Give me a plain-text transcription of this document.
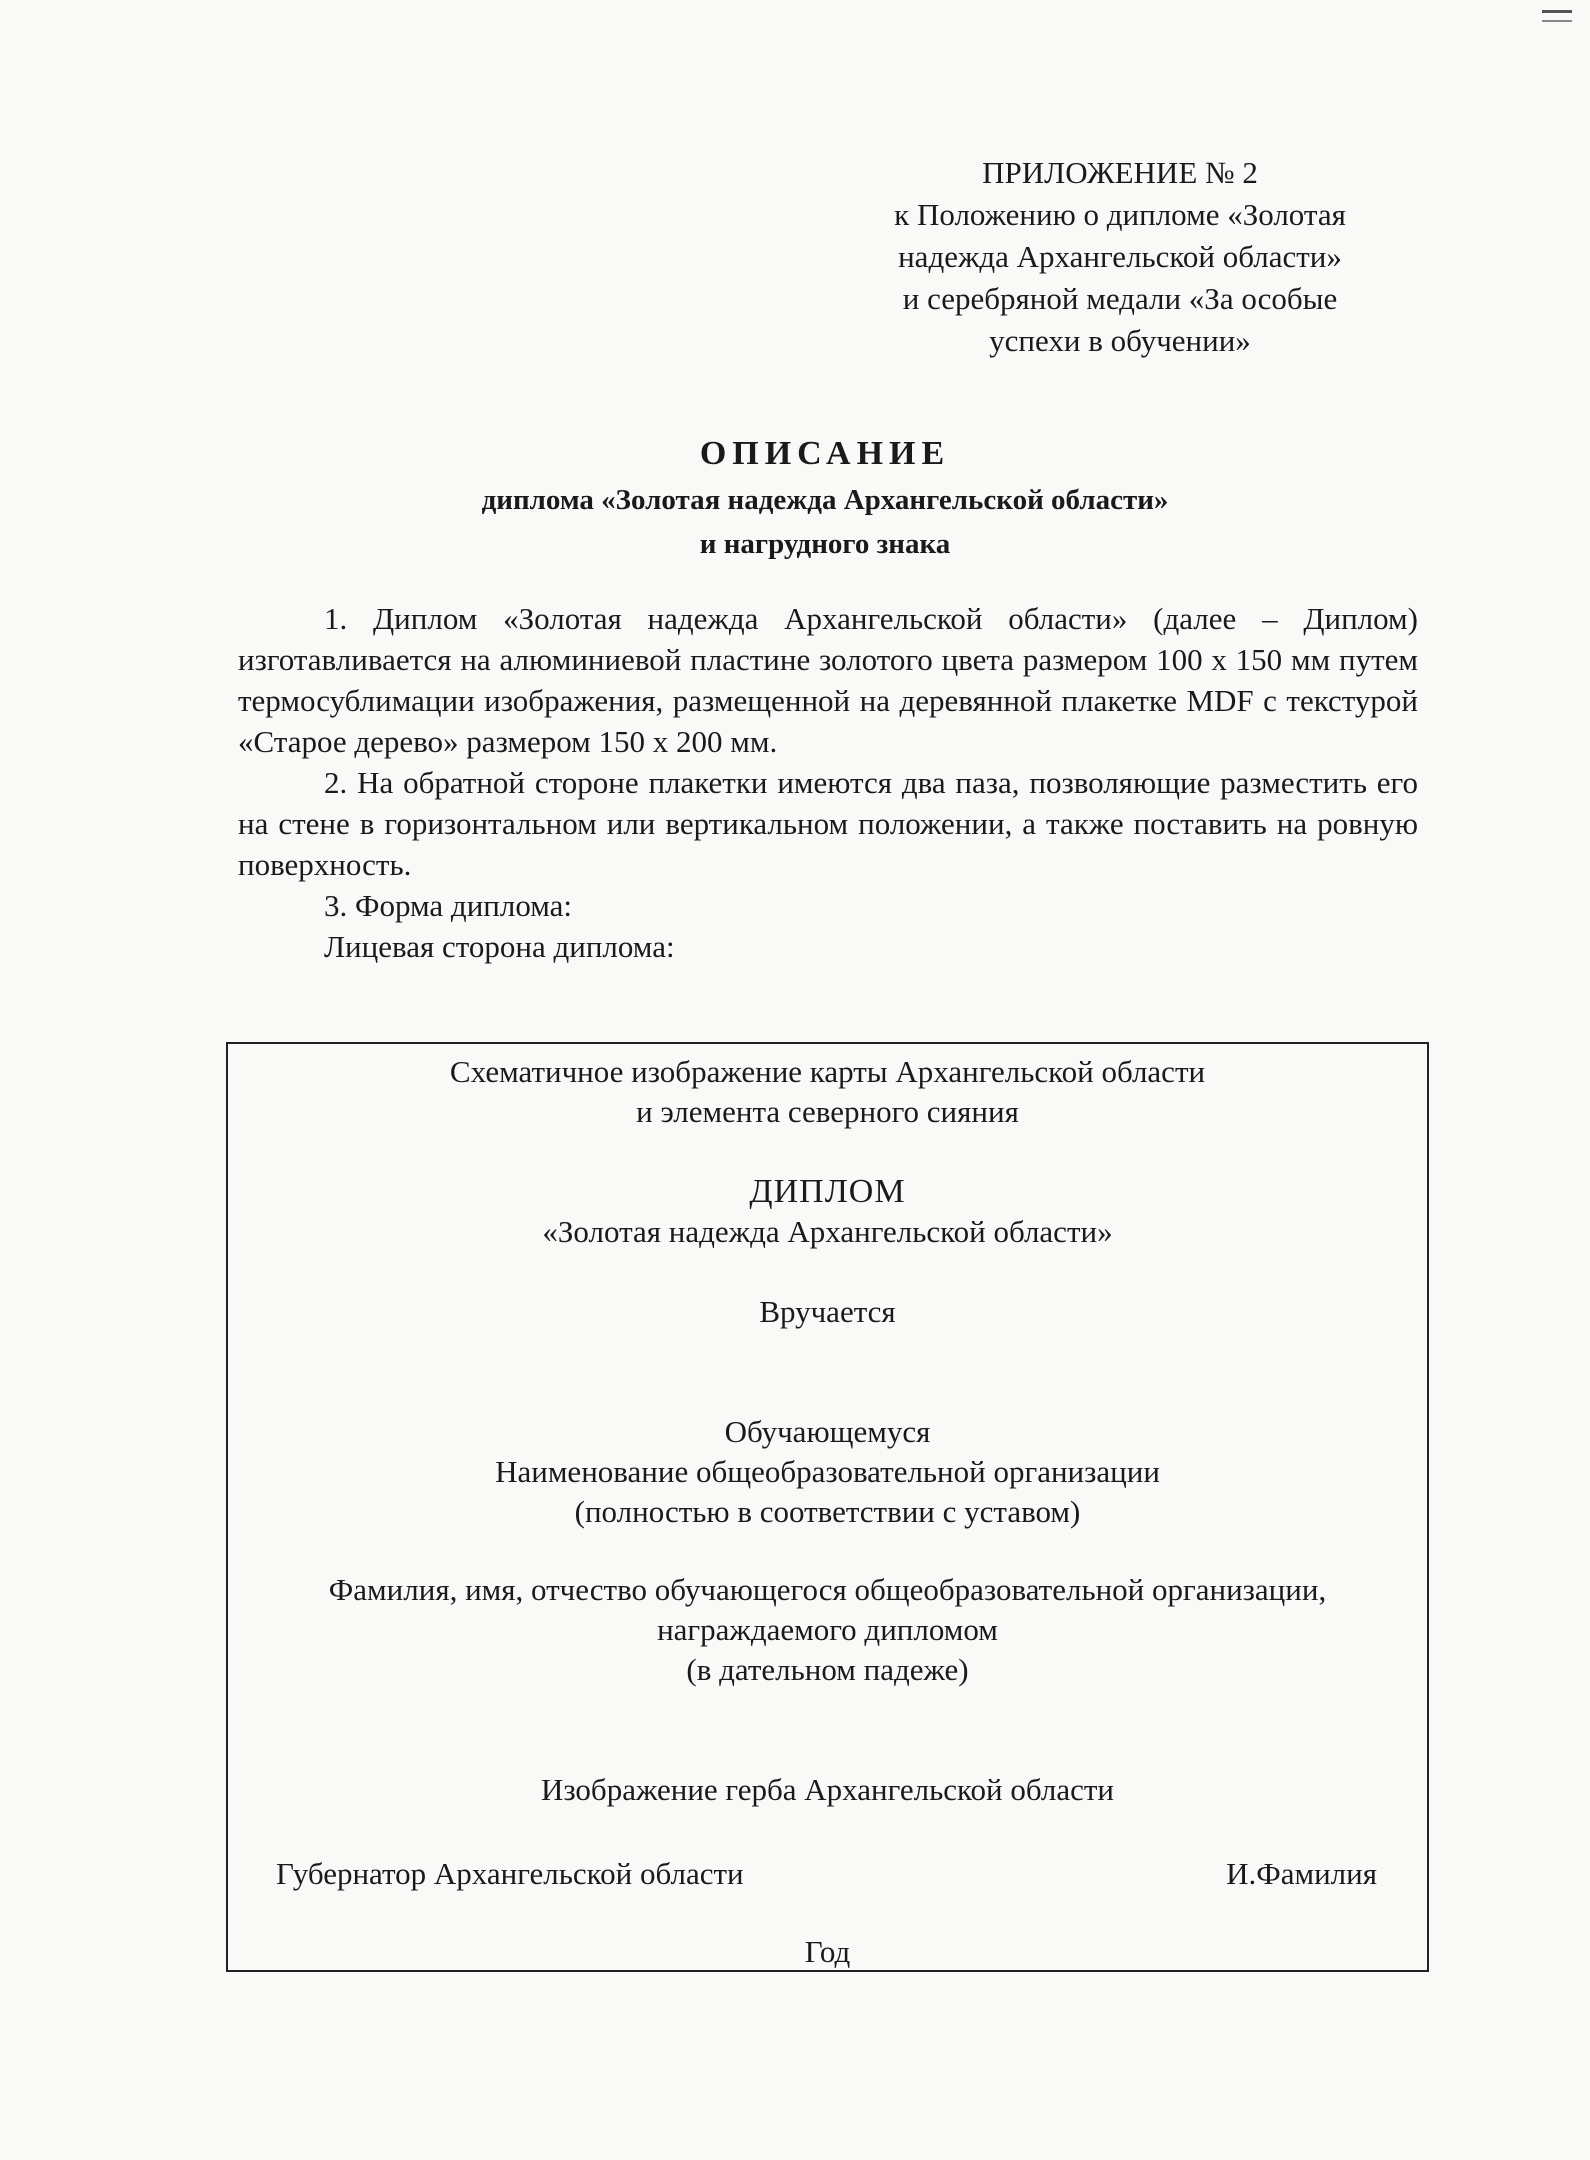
ПРИЛОЖЕНИЕ № 2
к Положению о дипломе «Золотая
надежда Архангельской области»
и серебряной медали «За особые
успехи в обучении»
ОПИСАНИЕ
диплома «Золотая надежда Архангельской области»
и нагрудного знака

1. Диплом «Золотая надежда Архангельской области» (далее – Диплом) изготавливается на алюминиевой пластине золотого цвета размером 100 х 150 мм путем термосублимации изображения, размещенной на деревянной плакетке MDF с текстурой «Старое дерево» размером 150 х 200 мм.

2. На обратной стороне плакетки имеются два паза, позволяющие разместить его на стене в горизонтальном или вертикальном положении, а также поставить на ровную поверхность.

3. Форма диплома:

Лицевая сторона диплома:

Схематичное изображение карты Архангельской области
и элемента северного сияния
ДИПЛОМ
«Золотая надежда Архангельской области»
Вручается
Обучающемуся
Наименование общеобразовательной организации
(полностью в соответствии с уставом)
Фамилия, имя, отчество обучающегося общеобразовательной организации,
награждаемого дипломом
(в дательном падеже)
Изображение герба Архангельской области
Губернатор Архангельской области	И.Фамилия
Год
